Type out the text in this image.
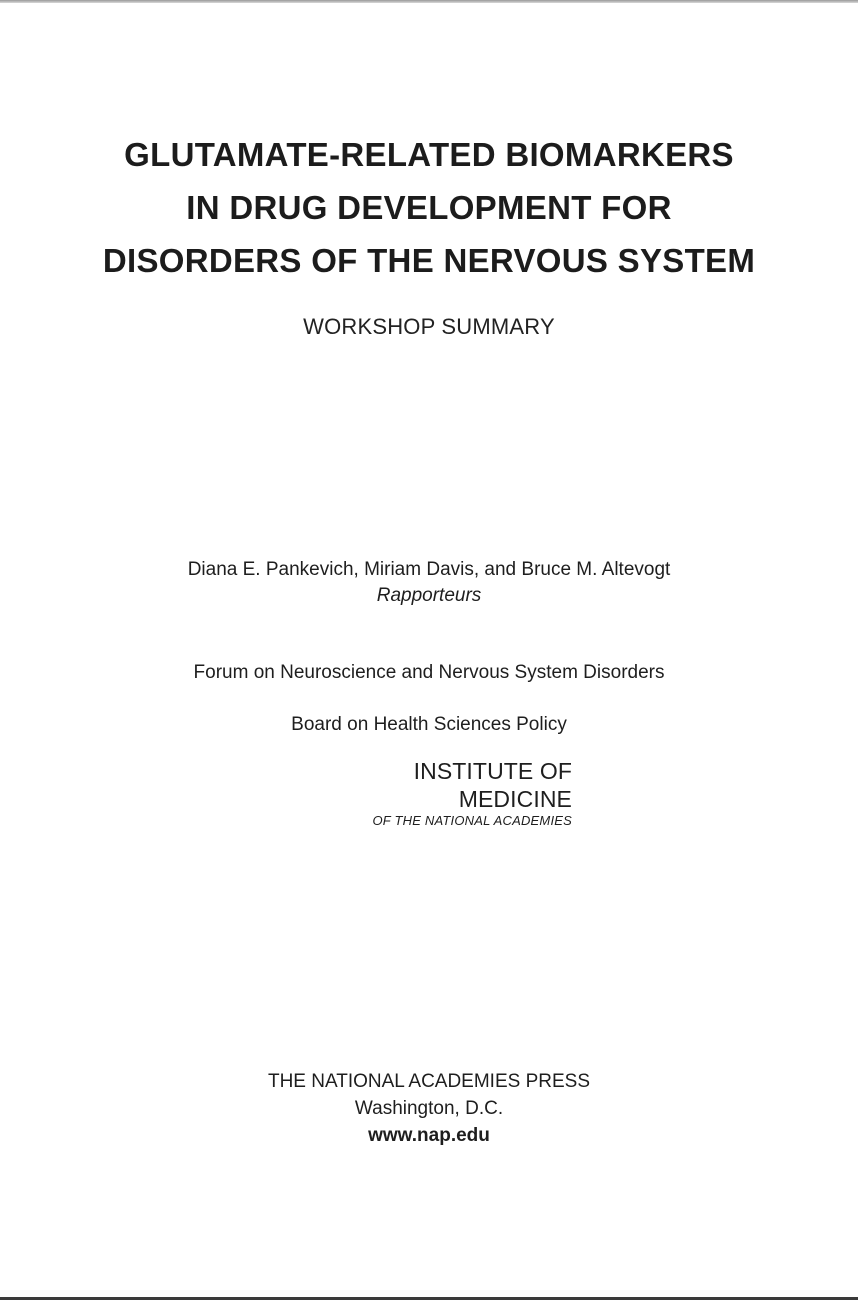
GLUTAMATE-RELATED BIOMARKERS
IN DRUG DEVELOPMENT FOR
DISORDERS OF THE NERVOUS SYSTEM
WORKSHOP SUMMARY
Diana E. Pankevich, Miriam Davis, and Bruce M. Altevogt
Rapporteurs
Forum on Neuroscience and Nervous System Disorders
Board on Health Sciences Policy
INSTITUTE OF MEDICINE
OF THE NATIONAL ACADEMIES
THE NATIONAL ACADEMIES PRESS
Washington, D.C.
www.nap.edu
